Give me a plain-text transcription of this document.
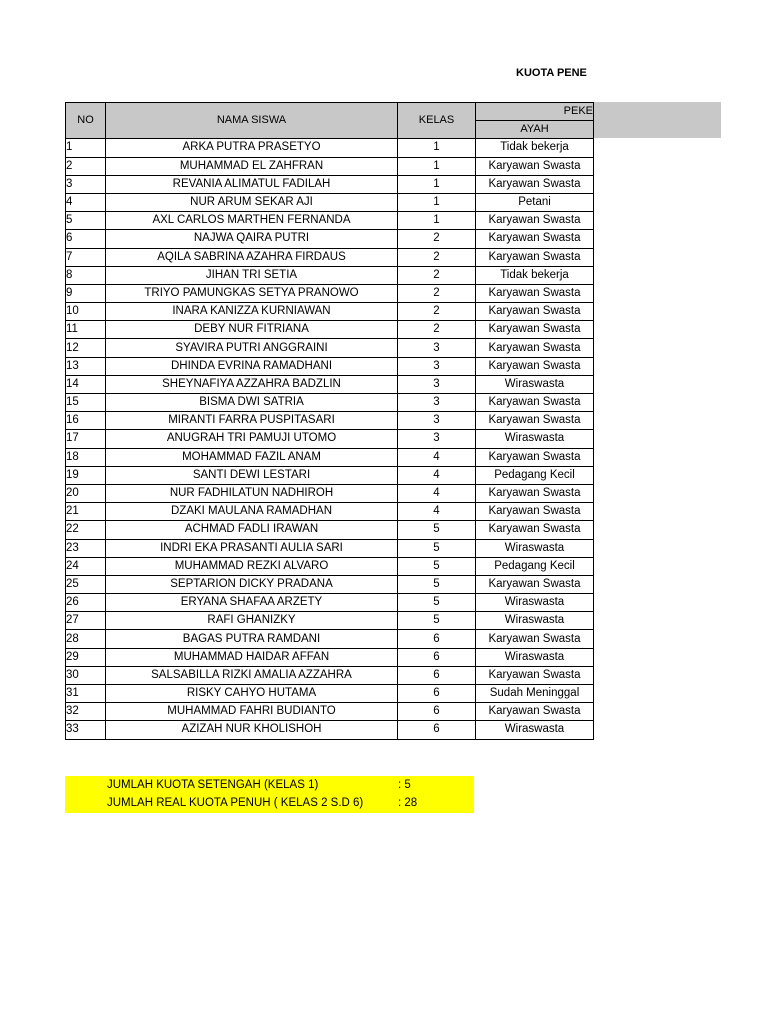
KUOTA PENE
NO	NAMA SISWA	KELAS	PEKE
			AYAH
1	ARKA PUTRA PRASETYO	1	Tidak bekerja
2	MUHAMMAD EL ZAHFRAN	1	Karyawan Swasta
3	REVANIA ALIMATUL FADILAH	1	Karyawan Swasta
4	NUR ARUM SEKAR AJI	1	Petani
5	AXL CARLOS MARTHEN FERNANDA	1	Karyawan Swasta
6	NAJWA QAIRA PUTRI	2	Karyawan Swasta
7	AQILA SABRINA AZAHRA FIRDAUS	2	Karyawan Swasta
8	JIHAN TRI SETIA	2	Tidak bekerja
9	TRIYO PAMUNGKAS SETYA PRANOWO	2	Karyawan Swasta
10	INARA KANIZZA KURNIAWAN	2	Karyawan Swasta
11	DEBY NUR FITRIANA	2	Karyawan Swasta
12	SYAVIRA PUTRI ANGGRAINI	3	Karyawan Swasta
13	DHINDA EVRINA RAMADHANI	3	Karyawan Swasta
14	SHEYNAFIYA AZZAHRA BADZLIN	3	Wiraswasta
15	BISMA DWI SATRIA	3	Karyawan Swasta
16	MIRANTI FARRA PUSPITASARI	3	Karyawan Swasta
17	ANUGRAH TRI PAMUJI UTOMO	3	Wiraswasta
18	MOHAMMAD FAZIL ANAM	4	Karyawan Swasta
19	SANTI DEWI LESTARI	4	Pedagang Kecil
20	NUR FADHILATUN NADHIROH	4	Karyawan Swasta
21	DZAKI MAULANA RAMADHAN	4	Karyawan Swasta
22	ACHMAD FADLI IRAWAN	5	Karyawan Swasta
23	INDRI EKA PRASANTI AULIA SARI	5	Wiraswasta
24	MUHAMMAD REZKI ALVARO	5	Pedagang Kecil
25	SEPTARION DICKY PRADANA	5	Karyawan Swasta
26	ERYANA SHAFAA ARZETY	5	Wiraswasta
27	RAFI GHANIZKY	5	Wiraswasta
28	BAGAS PUTRA RAMDANI	6	Karyawan Swasta
29	MUHAMMAD HAIDAR AFFAN	6	Wiraswasta
30	SALSABILLA RIZKI AMALIA AZZAHRA	6	Karyawan Swasta
31	RISKY CAHYO HUTAMA	6	Sudah Meninggal
32	MUHAMMAD FAHRI BUDIANTO	6	Karyawan Swasta
33	AZIZAH NUR KHOLISHOH	6	Wiraswasta
JUMLAH KUOTA SETENGAH (KELAS 1)	: 5
JUMLAH REAL KUOTA PENUH ( KELAS 2 S.D 6)	: 28
